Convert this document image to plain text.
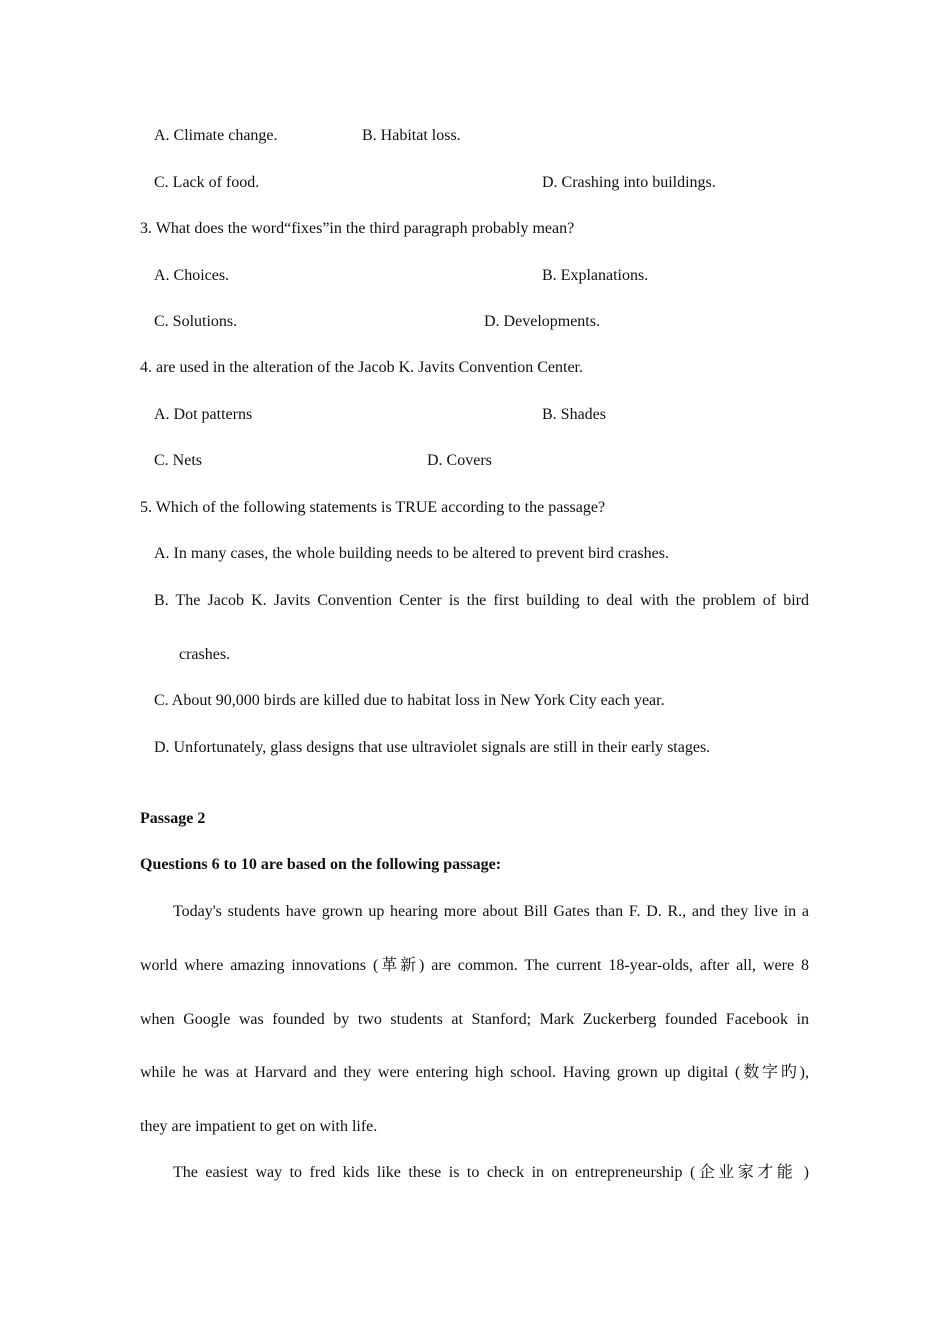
A. Climate change.	B. Habitat loss.
C. Lack of food.	D. Crashing into buildings.
3. What does the word“fixes”in the third paragraph probably mean?
A. Choices.	B. Explanations.
C. Solutions.	D. Developments.
4. are used in the alteration of the Jacob K. Javits Convention Center.
A. Dot patterns	B. Shades
C. Nets	D. Covers
5. Which of the following statements is TRUE according to the passage?
A. In many cases, the whole building needs to be altered to prevent bird crashes.
B. The Jacob K. Javits Convention Center is the first building to deal with the problem of bird
crashes.
C. About 90,000 birds are killed due to habitat loss in New York City each year.
D. Unfortunately, glass designs that use ultraviolet signals are still in their early stages.
Passage 2
Questions 6 to 10 are based on the following passage:
Today's students have grown up hearing more about Bill Gates than F. D. R., and they live in a
world where amazing innovations (革新) are common. The current 18-year-olds, after all, were 8
when Google was founded by two students at Stanford; Mark Zuckerberg founded Facebook in
while he was at Harvard and they were entering high school. Having grown up digital (数字旳),
they are impatient to get on with life.
The easiest way to fred kids like these is to check in on entrepreneurship (企业家才能 )
